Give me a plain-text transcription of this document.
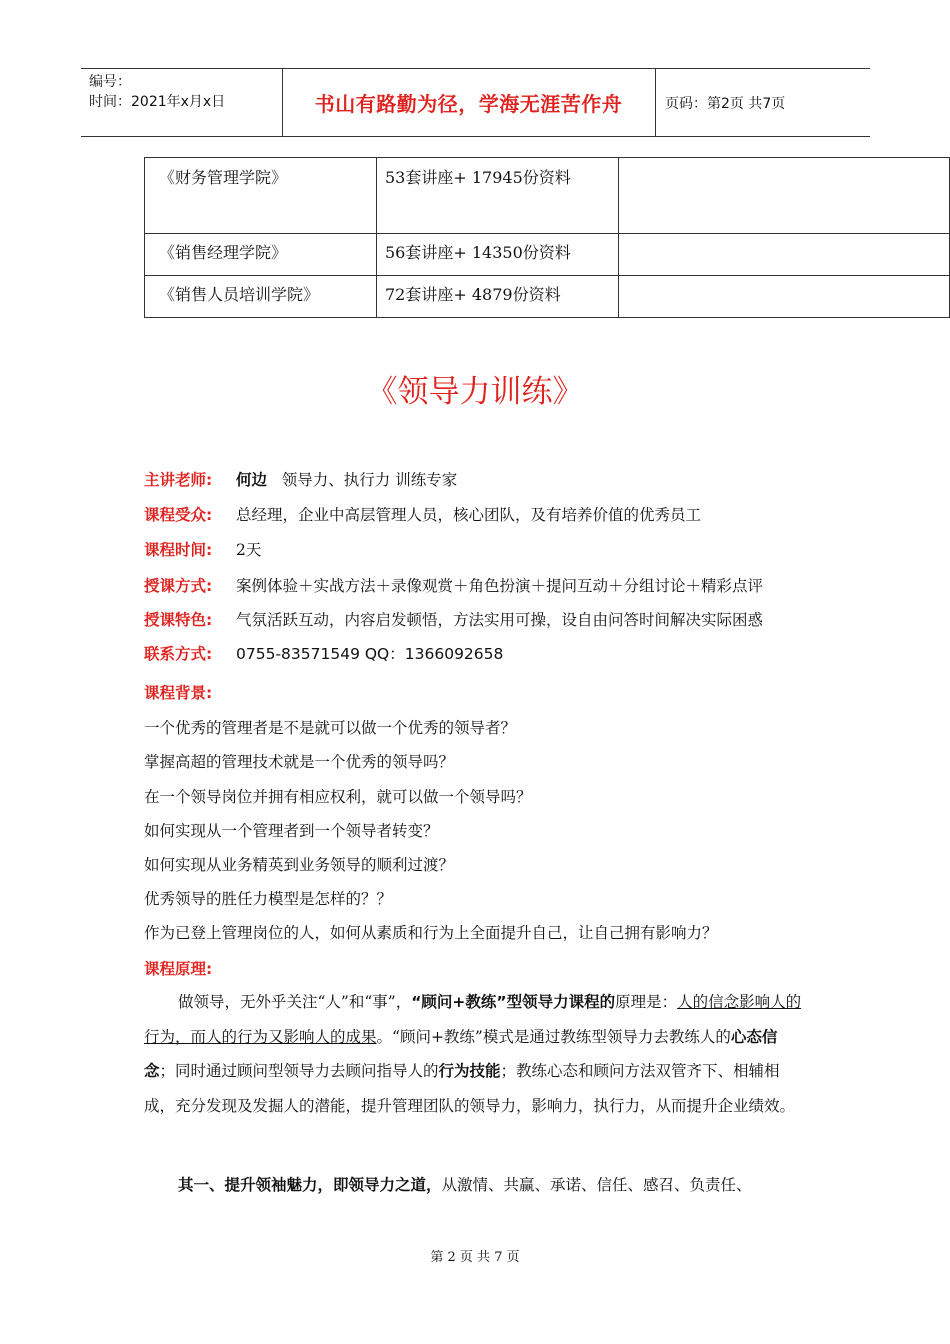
编号：
时间：2021年x月x日	书山有路勤为径，学海无涯苦作舟	页码：第2页 共7页
《财务管理学院》	53套讲座+ 17945份资料	
《销售经理学院》	56套讲座+ 14350份资料	
《销售人员培训学院》	72套讲座+ 4879份资料	
《领导力训练》
主讲老师: 何边 领导力、执行力 训练专家
课程受众: 总经理，企业中高层管理人员，核心团队，及有培养价值的优秀员工
课程时间: 2天
授课方式: 案例体验＋实战方法＋录像观赏＋角色扮演＋提问互动＋分组讨论＋精彩点评
授课特色: 气氛活跃互动，内容启发顿悟，方法实用可操，设自由问答时间解决实际困惑
联系方式: 0755-83571549 QQ：1366092658
课程背景:
一个优秀的管理者是不是就可以做一个优秀的领导者？
掌握高超的管理技术就是一个优秀的领导吗？
在一个领导岗位并拥有相应权利，就可以做一个领导吗？
如何实现从一个管理者到一个领导者转变？
如何实现从业务精英到业务领导的顺利过渡？
优秀领导的胜任力模型是怎样的？？
作为已登上管理岗位的人，如何从素质和行为上全面提升自己，让自己拥有影响力？
课程原理:
做领导，无外乎关注“人”和“事”，“顾问+教练”型领导力课程的原理是：人的信念影响人的行为，而人的行为又影响人的成果。“顾问+教练”模式是通过教练型领导力去教练人的心态信念；同时通过顾问型领导力去顾问指导人的行为技能；教练心态和顾问方法双管齐下、相辅相成，充分发现及发掘人的潜能，提升管理团队的领导力，影响力，执行力，从而提升企业绩效。
其一、提升领袖魅力，即领导力之道，从激情、共赢、承诺、信任、感召、负责任、
第 2 页 共 7 页
